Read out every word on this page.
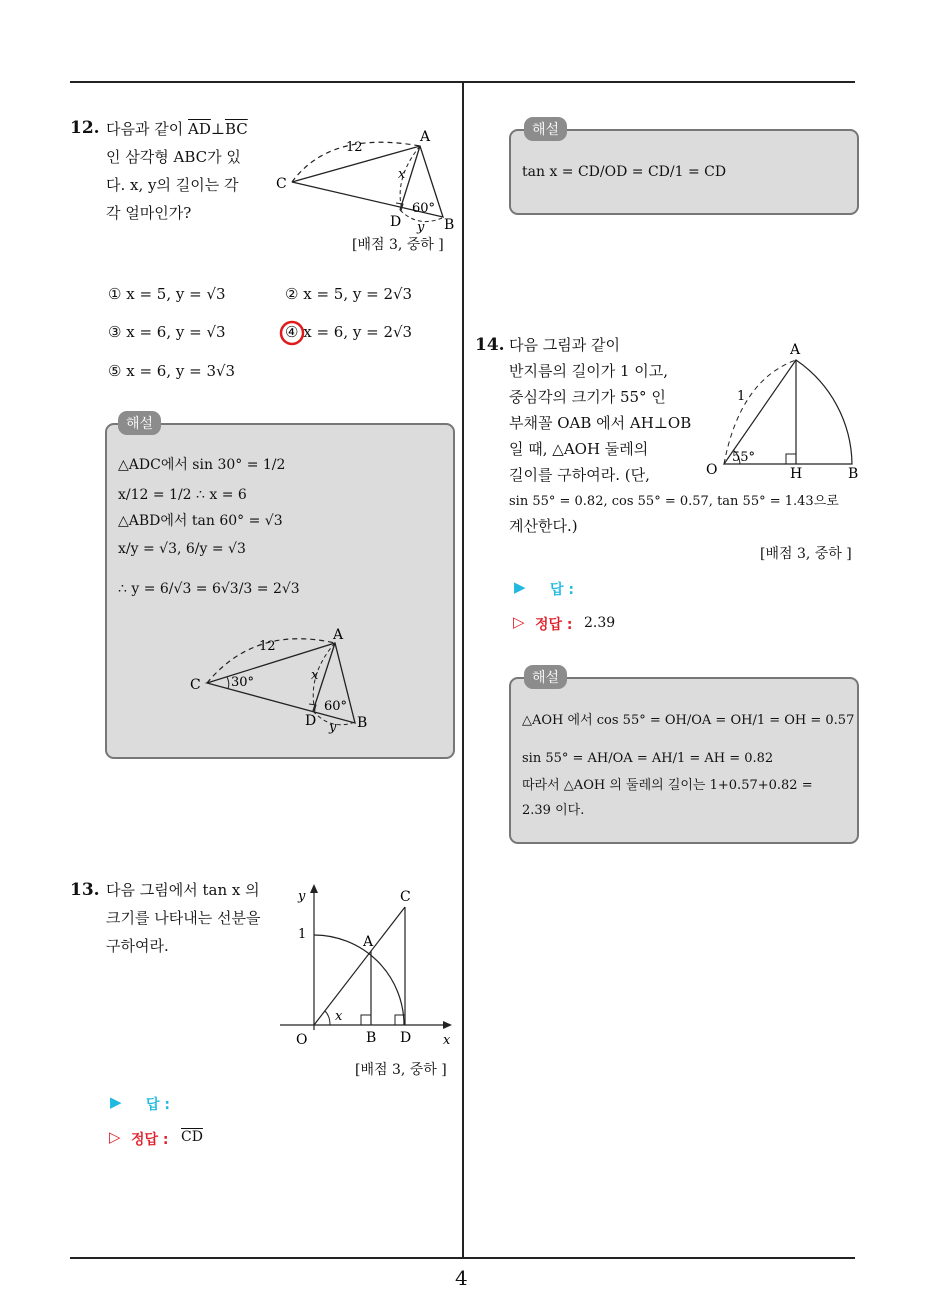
4
12. 다음과 같이 $\overline{AD}\perp\overline{BC}$
인 삼각형 ABC가 있
다. x, y의 길이는 각
각 얼마인가?
A
B
C
D
12
x
y
60°
[배점 3, 중하 ]
① x = 5, y = √3	② x = 5, y = 2√3
③ x = 6, y = √3	④ x = 6, y = 2√3
⑤ x = 6, y = 3√3
해설
△ADC에서 sin 30° = 1/2
x/12 = 1/2 ∴ x = 6
△ABD에서 tan 60° = √3
x/y = √3, 6/y = √3
∴ y = 6/√3 = 6√3/3 = 2√3
A
B
C
D
12
x
y
30°
60°
13. 다음 그림에서 tan x 의
크기를 나타내는 선분을
구하여라.
y
x
1
O
A
B
C
D
x
[배점 3, 중하 ]
▶ 답 :
▷ 정답 : $\overline{CD}$
해설
tan x = CD/OD = CD/1 = CD
14. 다음 그림과 같이
반지름의 길이가 1 이고,
중심각의 크기가 55° 인
부채꼴 OAB 에서 AH⊥OB
일 때, △AOH 둘레의
길이를 구하여라. (단,
sin 55° = 0.82, cos 55° = 0.57, tan 55° = 1.43으로
계산한다.)
A
O	H	B
1
55°
[배점 3, 중하 ]
▶ 답 :
▷ 정답 : 2.39
해설
△AOH 에서 cos 55° = OH/OA = OH/1 = OH = 0.57
sin 55° = AH/OA = AH/1 = AH = 0.82
따라서 △AOH 의 둘레의 길이는 1+0.57+0.82 =
2.39 이다.
